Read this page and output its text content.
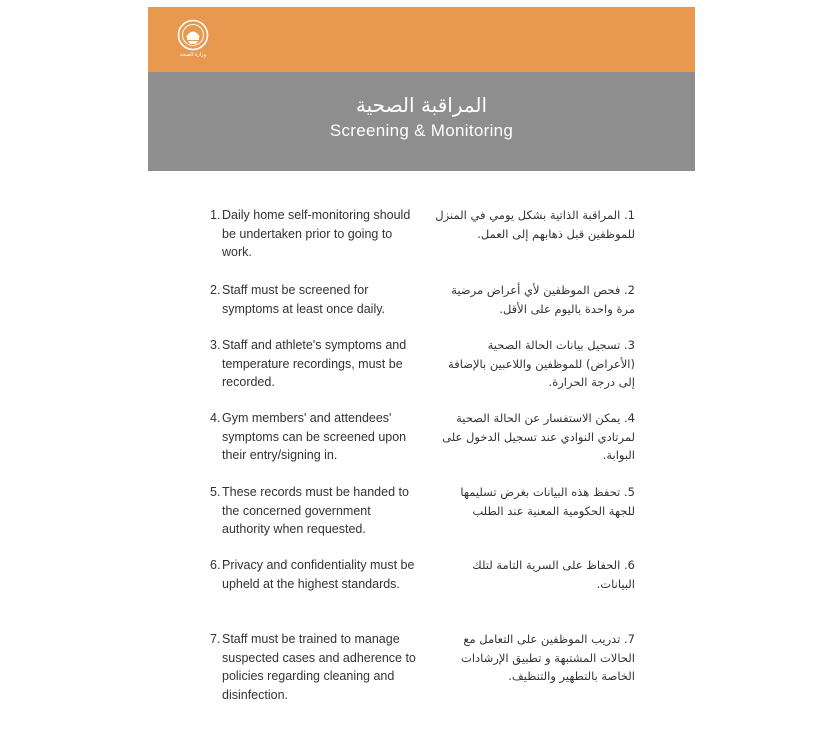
وزارة الصحة
المراقبة الصحية
Screening & Monitoring
1. Daily home self-monitoring should be undertaken prior to going to work.
1. المراقبة الذاتية بشكل يومي في المنزل للموظفين قبل ذهابهم إلى العمل.
2. Staff must be screened for symptoms at least once daily.
2. فحص الموظفين لأي أعراض مرضية مرة واحدة باليوم على الأقل.
3. Staff and athlete's symptoms and temperature recordings, must be recorded.
3. تسجيل بيانات الحالة الصحية (الأعراض) للموظفين واللاعبين بالإضافة إلى درجة الحرارة.
4. Gym members' and attendees' symptoms can be screened upon their entry/signing in.
4. يمكن الاستفسار عن الحالة الصحية لمرتادي النوادي عند تسجيل الدخول على البوابة.
5. These records must be handed to the concerned government authority when requested.
5. تحفظ هذه البيانات بغرض تسليمها للجهة الحكومية المعنية عند الطلب
6. Privacy and confidentiality must be upheld at the highest standards.
6. الحفاظ على السرية التامة لتلك البيانات.
7. Staff must be trained to manage suspected cases and adherence to policies regarding cleaning and disinfection.
7. تدريب الموظفين على التعامل مع الحالات المشتبهة و تطبيق الإرشادات الخاصة بالتطهير والتنظيف.
